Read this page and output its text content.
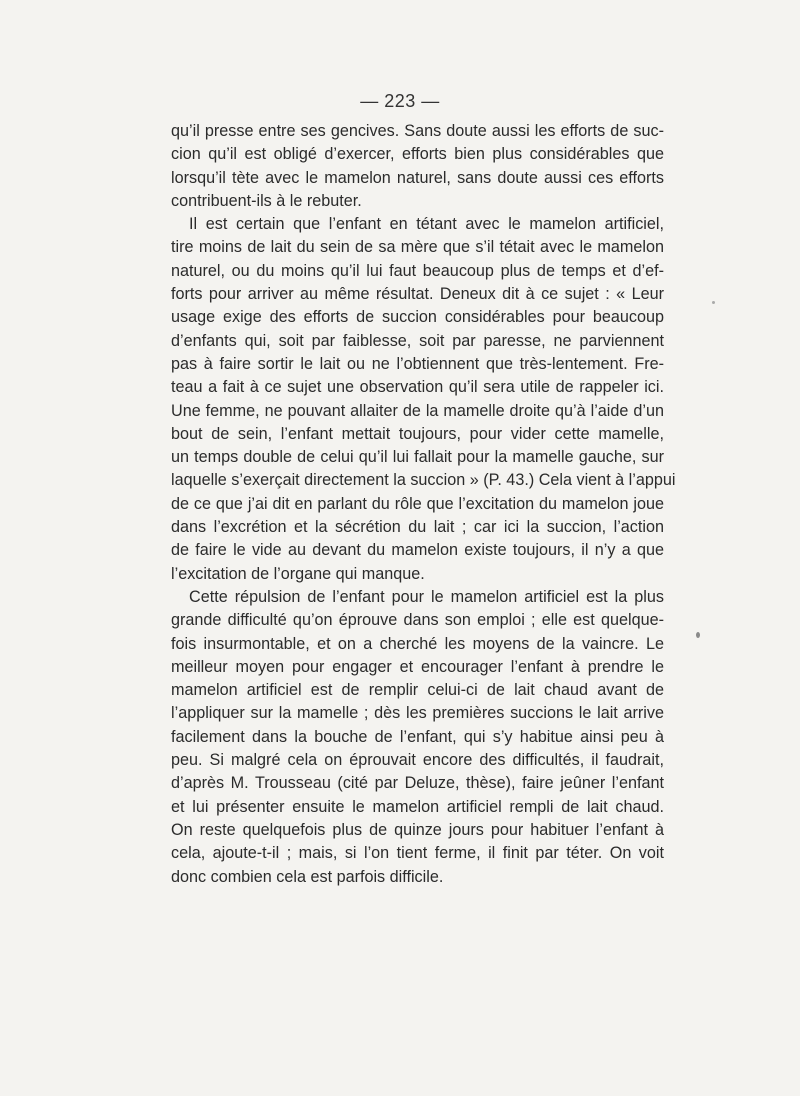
— 223 —
qu’il presse entre ses gencives. Sans doute aussi les efforts de suc-
cion qu’il est obligé d’exercer, efforts bien plus considérables que
lorsqu’il tète avec le mamelon naturel, sans doute aussi ces efforts
contribuent-ils à le rebuter.
Il est certain que l’enfant en tétant avec le mamelon artificiel,
tire moins de lait du sein de sa mère que s’il tétait avec le mamelon
naturel, ou du moins qu’il lui faut beaucoup plus de temps et d’ef-
forts pour arriver au même résultat. Deneux dit à ce sujet : « Leur
usage exige des efforts de succion considérables pour beaucoup
d’enfants qui, soit par faiblesse, soit par paresse, ne parviennent
pas à faire sortir le lait ou ne l’obtiennent que très-lentement. Fre-
teau a fait à ce sujet une observation qu’il sera utile de rappeler ici.
Une femme, ne pouvant allaiter de la mamelle droite qu’à l’aide d’un
bout de sein, l’enfant mettait toujours, pour vider cette mamelle,
un temps double de celui qu’il lui fallait pour la mamelle gauche, sur
laquelle s’exerçait directement la succion » (P. 43.) Cela vient à l’appui
de ce que j’ai dit en parlant du rôle que l’excitation du mamelon joue
dans l’excrétion et la sécrétion du lait ; car ici la succion, l’action
de faire le vide au devant du mamelon existe toujours, il n’y a que
l’excitation de l’organe qui manque.
Cette répulsion de l’enfant pour le mamelon artificiel est la plus
grande difficulté qu’on éprouve dans son emploi ; elle est quelque-
fois insurmontable, et on a cherché les moyens de la vaincre. Le
meilleur moyen pour engager et encourager l’enfant à prendre le
mamelon artificiel est de remplir celui-ci de lait chaud avant de
l’appliquer sur la mamelle ; dès les premières succions le lait arrive
facilement dans la bouche de l’enfant, qui s’y habitue ainsi peu à
peu. Si malgré cela on éprouvait encore des difficultés, il faudrait,
d’après M. Trousseau (cité par Deluze, thèse), faire jeûner l’enfant
et lui présenter ensuite le mamelon artificiel rempli de lait chaud.
On reste quelquefois plus de quinze jours pour habituer l’enfant à
cela, ajoute-t-il ; mais, si l’on tient ferme, il finit par téter. On voit
donc combien cela est parfois difficile.
